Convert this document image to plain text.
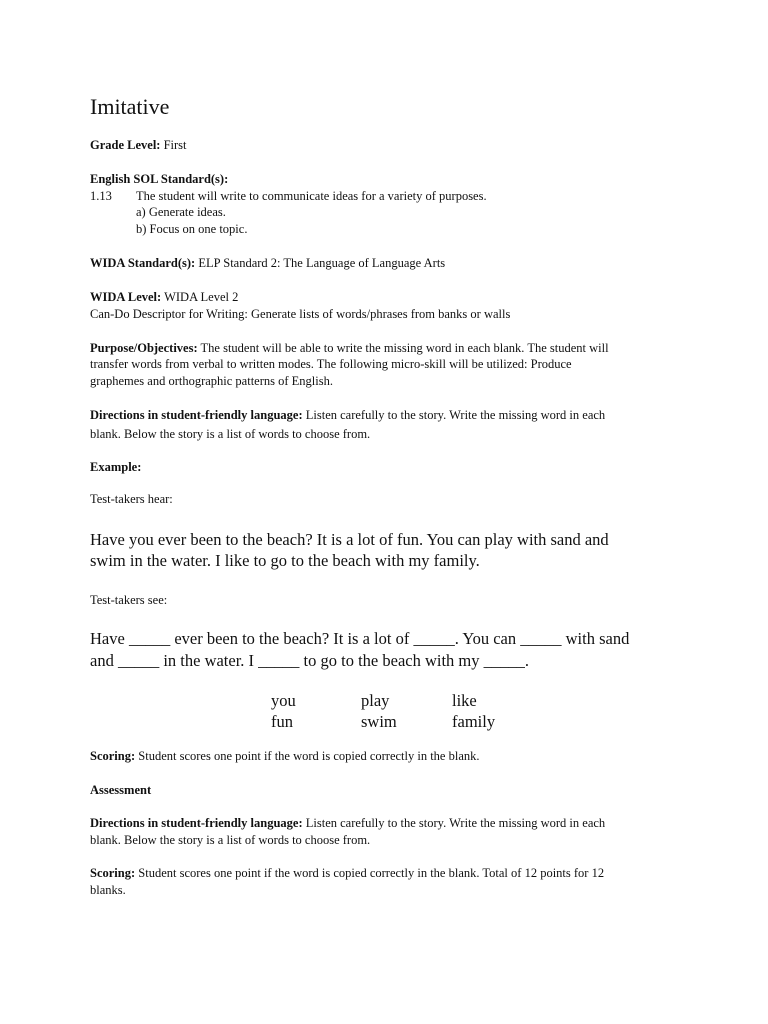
Imitative
Grade Level: First
English SOL Standard(s):
1.13 The student will write to communicate ideas for a variety of purposes.
a) Generate ideas.
b) Focus on one topic.
WIDA Standard(s): ELP Standard 2: The Language of Language Arts
WIDA Level: WIDA Level 2
Can-Do Descriptor for Writing: Generate lists of words/phrases from banks or walls
Purpose/Objectives: The student will be able to write the missing word in each blank. The student will
transfer words from verbal to written modes. The following micro-skill will be utilized: Produce
graphemes and orthographic patterns of English.
Directions in student-friendly language: Listen carefully to the story. Write the missing word in each
blank. Below the story is a list of words to choose from.
Example:
Test-takers hear:
Have you ever been to the beach? It is a lot of fun. You can play with sand and
swim in the water. I like to go to the beach with my family.
Test-takers see:
Have _____ ever been to the beach? It is a lot of _____. You can _____ with sand
and _____ in the water. I _____ to go to the beach with my _____.
you	play	like
fun	swim	family
Scoring: Student scores one point if the word is copied correctly in the blank.
Assessment
Directions in student-friendly language: Listen carefully to the story. Write the missing word in each
blank. Below the story is a list of words to choose from.
Scoring: Student scores one point if the word is copied correctly in the blank. Total of 12 points for 12
blanks.
